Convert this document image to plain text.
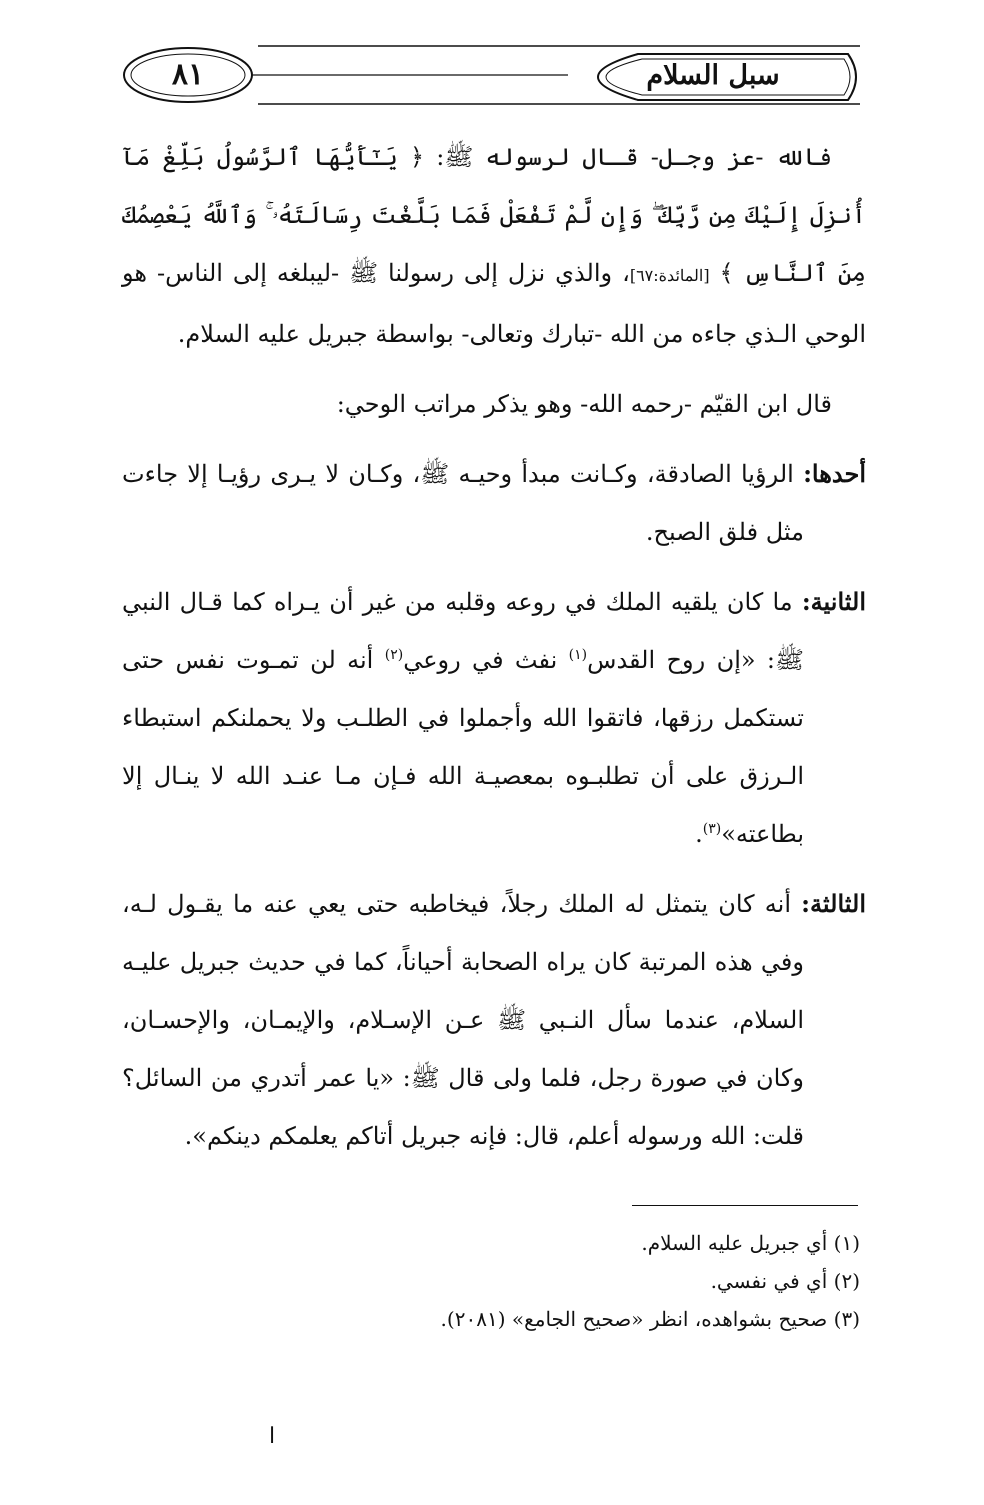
سبل السلام
٨١

فالله -عز وجـل- قـال لرسوله ﷺ: ﴿ يَـٰٓأَيُّهَا ٱلرَّسُولُ بَلِّغْ مَآ أُنزِلَ إِلَيْكَ مِن رَّبِّكَ ۖ وَإِن لَّمْ تَفْعَلْ فَمَا بَلَّغْتَ رِسَالَتَهُۥ ۚ وَٱللَّهُ يَعْصِمُكَ مِنَ ٱلنَّاسِ ﴾ [المائدة:٦٧]، والذي نزل إلى رسولنا ﷺ -ليبلغه إلى الناس- هو الوحي الـذي جاءه من الله -تبارك وتعالى- بواسطة جبريل عليه السلام.

قال ابن القيّم -رحمه الله- وهو يذكر مراتب الوحي:

أحدها: الرؤيا الصادقة، وكـانت مبدأ وحيـه ﷺ، وكـان لا يـرى رؤيـا إلا جاءت مثل فلق الصبح.

الثانية: ما كان يلقيه الملك في روعه وقلبه من غير أن يـراه كما قـال النبي ﷺ: «إن روح القدس$^{(١)}$ نفث في روعي$^{(٢)}$ أنه لن تمـوت نفس حتى تستكمل رزقها، فاتقوا الله وأجملوا في الطلـب ولا يحملنكم استبطاء الـرزق على أن تطلبـوه بمعصيـة الله فـإن مـا عنـد الله لا ينـال إلا بطاعته»$^{(٣)}$.

الثالثة: أنه كان يتمثل له الملك رجلاً، فيخاطبه حتى يعي عنه ما يقـول لـه، وفي هذه المرتبة كان يراه الصحابة أحياناً، كما في حديث جبريل عليـه السلام، عندما سأل النـبي ﷺ عـن الإسـلام، والإيمـان، والإحسـان، وكان في صورة رجل، فلما ولى قال ﷺ: «يا عمر أتدري من السائل؟ قلت: الله ورسوله أعلم، قال: فإنه جبريل أتاكم يعلمكم دينكم».

(١) أي جبريل عليه السلام.

(٢) أي في نفسي.

(٣) صحيح بشواهده، انظر «صحيح الجامع» (٢٠٨١).

ا
